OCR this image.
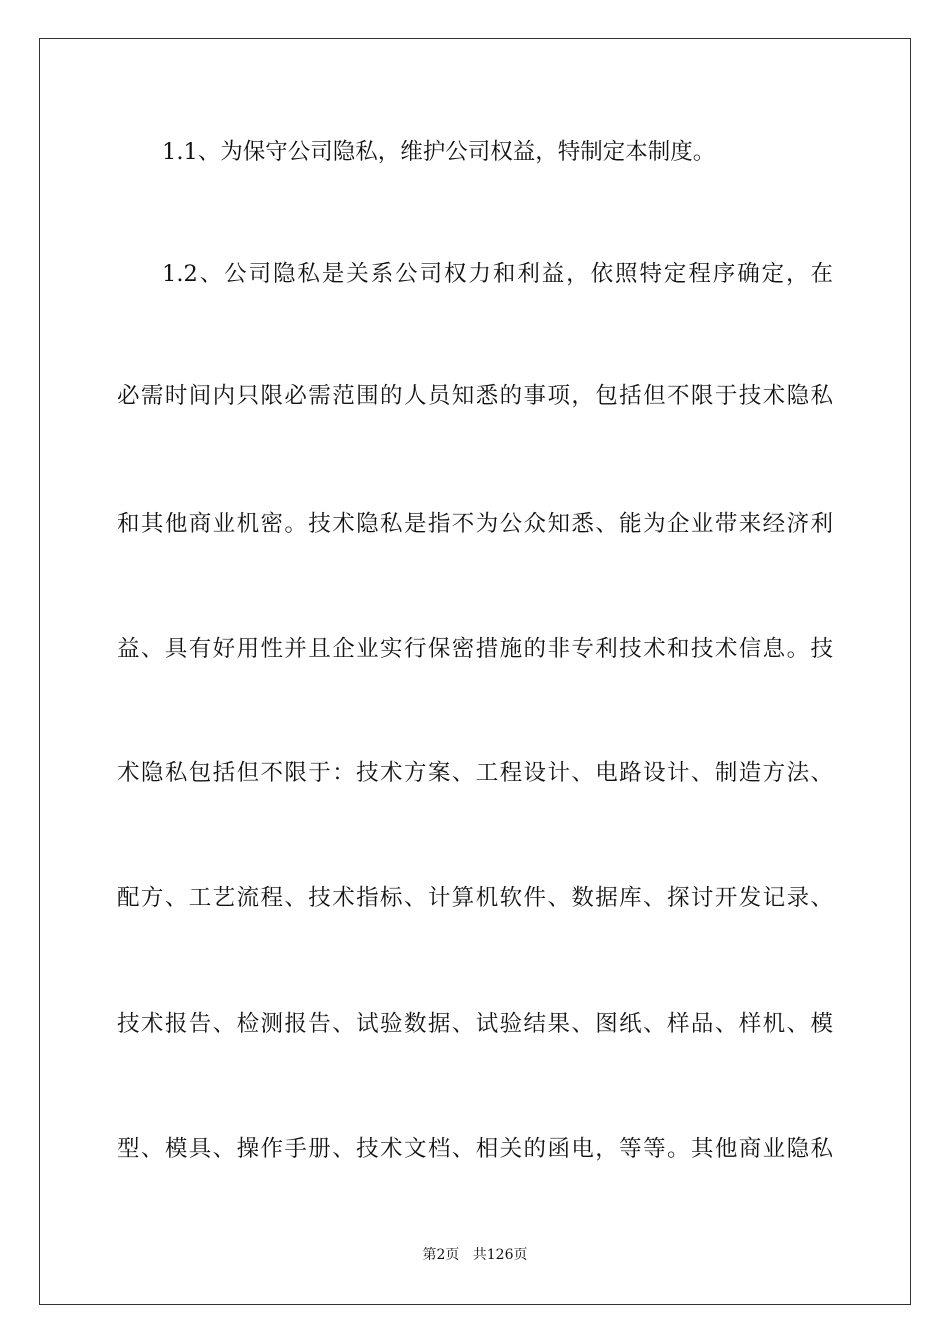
1.1、为保守公司隐私，维护公司权益，特制定本制度。
1.2、公司隐私是关系公司权力和利益，依照特定程序确定，在
必需时间内只限必需范围的人员知悉的事项，包括但不限于技术隐私
和其他商业机密。技术隐私是指不为公众知悉、能为企业带来经济利
益、具有好用性并且企业实行保密措施的非专利技术和技术信息。技
术隐私包括但不限于：技术方案、工程设计、电路设计、制造方法、
配方、工艺流程、技术指标、计算机软件、数据库、探讨开发记录、
技术报告、检测报告、试验数据、试验结果、图纸、样品、样机、模
型、模具、操作手册、技术文档、相关的函电，等等。其他商业隐私
第2页 共126页
